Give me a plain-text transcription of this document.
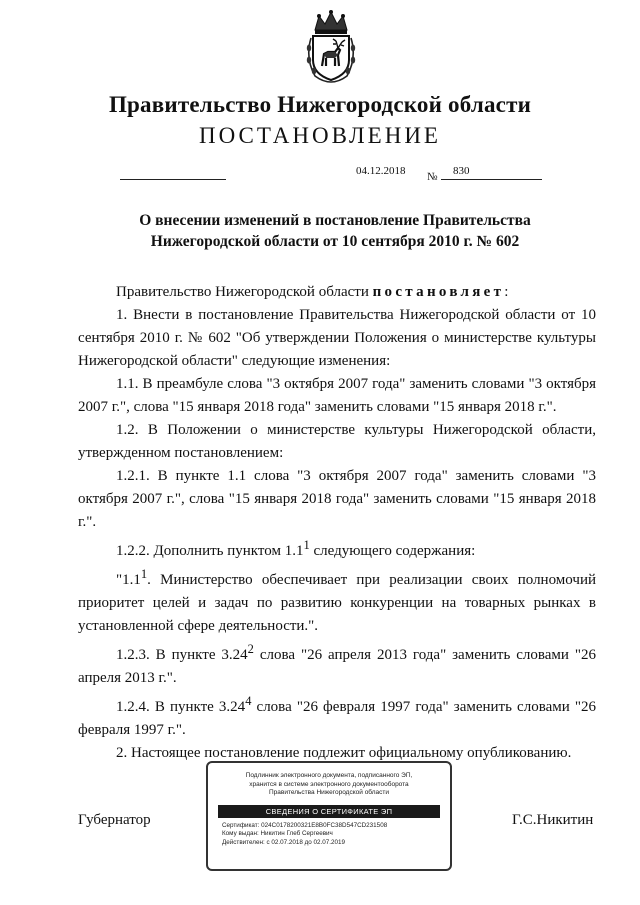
Правительство Нижегородской области
ПОСТАНОВЛЕНИЕ
04.12.2018 № 830
О внесении изменений в постановление Правительства
Нижегородской области от 10 сентября 2010 г. № 602

Правительство Нижегородской области постановляет:

1. Внести в постановление Правительства Нижегородской области от 10 сентября 2010 г. № 602 "Об утверждении Положения о министерстве культуры Нижегородской области" следующие изменения:

1.1. В преамбуле слова "3 октября 2007 года" заменить словами "3 октября 2007 г.", слова "15 января 2018 года" заменить словами "15 января 2018 г.".

1.2. В Положении о министерстве культуры Нижегородской области, утвержденном постановлением:

1.2.1. В пункте 1.1 слова "3 октября 2007 года" заменить словами "3 октября 2007 г.", слова "15 января 2018 года" заменить словами "15 января 2018 г.".

1.2.2. Дополнить пунктом $1.1^1$ следующего содержания:

"$1.1^1$. Министерство обеспечивает при реализации своих полномочий приоритет целей и задач по развитию конкуренции на товарных рынках в установленной сфере деятельности.".

1.2.3. В пункте 3.24$^2$ слова "26 апреля 2013 года" заменить словами "26 апреля 2013 г.".

1.2.4. В пункте 3.24$^4$ слова "26 февраля 1997 года" заменить словами "26 февраля 1997 г.".

2. Настоящее постановление подлежит официальному опубликованию.

Губернатор	Г.С.Никитин
Подлинник электронного документа, подписанного ЭП,
хранится в системе электронного документооборота
Правительства Нижегородской области
СВЕДЕНИЯ О СЕРТИФИКАТЕ ЭП
Сертификат: 024C0178200321E8B0FC38D547CD231508
Кому выдан: Никитин Глеб Сергеевич
Действителен: с 02.07.2018 до 02.07.2019
